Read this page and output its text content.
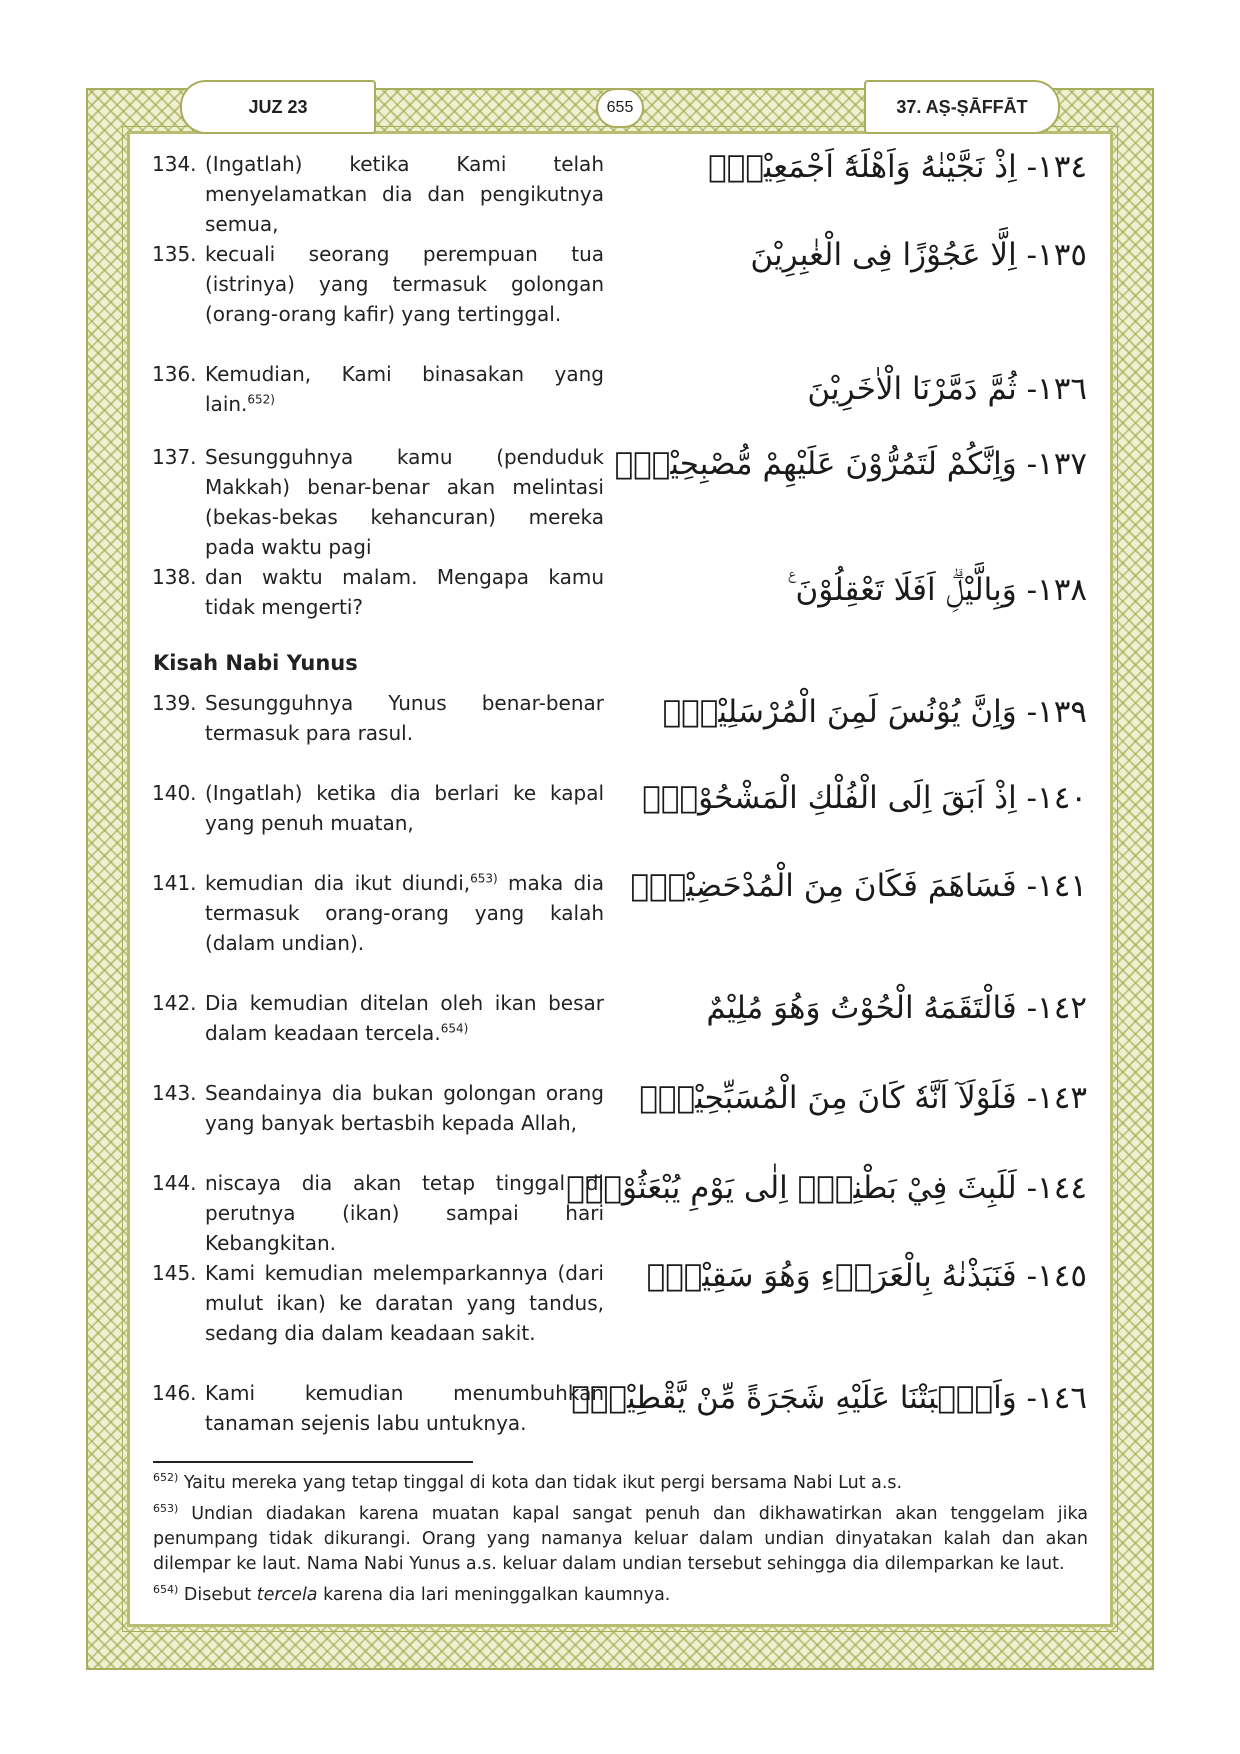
JUZ 23	655	37. AṢ-ṢĀFFĀT
134. (Ingatlah) ketika Kami telah menyelamatkan dia dan pengikutnya semua,
١٣٤- اِذْ نَجَّيْنٰهُ وَاَهْلَهٗٓ اَجْمَعِيْنَۙ
135. kecuali seorang perempuan tua (istrinya) yang termasuk golongan (orang-orang kafir) yang tertinggal.
١٣٥- اِلَّا عَجُوْزًا فِى الْغٰبِرِيْنَ
136. Kemudian, Kami binasakan yang lain.$^{652)}$	١٣٦- ثُمَّ دَمَّرْنَا الْاٰخَرِيْنَ
137. Sesungguhnya kamu (penduduk Makkah) benar-benar akan melintasi (bekas-bekas kehancuran) mereka pada waktu pagi
١٣٧- وَاِنَّكُمْ لَتَمُرُّوْنَ عَلَيْهِمْ مُّصْبِحِيْنَۙ
138. dan waktu malam. Mengapa kamu tidak mengerti?	١٣٨- وَبِالَّيْلِۗ اَفَلَا تَعْقِلُوْنَ ࣖ
Kisah Nabi Yunus
139. Sesungguhnya Yunus benar-benar termasuk para rasul.
١٣٩- وَاِنَّ يُوْنُسَ لَمِنَ الْمُرْسَلِيْنَۗ
140. (Ingatlah) ketika dia berlari ke kapal yang penuh muatan,
١٤٠- اِذْ اَبَقَ اِلَى الْفُلْكِ الْمَشْحُوْنِۙ
141. kemudian dia ikut diundi,$^{653)}$ maka dia termasuk orang-orang yang kalah (dalam undian).
١٤١- فَسَاهَمَ فَكَانَ مِنَ الْمُدْحَضِيْنَۚ
142. Dia kemudian ditelan oleh ikan besar dalam keadaan tercela.$^{654)}$
١٤٢- فَالْتَقَمَهُ الْحُوْتُ وَهُوَ مُلِيْمٌ
143. Seandainya dia bukan golongan orang yang banyak bertasbih kepada Allah,
١٤٣- فَلَوْلَآ اَنَّهٗ كَانَ مِنَ الْمُسَبِّحِيْنَۙ
144. niscaya dia akan tetap tinggal di perutnya (ikan) sampai hari Kebangkitan.
١٤٤- لَلَبِثَ فِيْ بَطْنِهٖٓ اِلٰى يَوْمِ يُبْعَثُوْنَۚ
145. Kami kemudian melemparkannya (dari mulut ikan) ke daratan yang tandus, sedang dia dalam keadaan sakit.
١٤٥- فَنَبَذْنٰهُ بِالْعَرَاۤءِ وَهُوَ سَقِيْمٌۚ
146. Kami kemudian menumbuhkan tanaman sejenis labu untuknya.
١٤٦- وَاَنْۢبَتْنَا عَلَيْهِ شَجَرَةً مِّنْ يَّقْطِيْنٍۚ
$^{652)}$ Yaitu mereka yang tetap tinggal di kota dan tidak ikut pergi bersama Nabi Lut a.s.
$^{653)}$ Undian diadakan karena muatan kapal sangat penuh dan dikhawatirkan akan tenggelam jika penumpang tidak dikurangi. Orang yang namanya keluar dalam undian dinyatakan kalah dan akan dilempar ke laut. Nama Nabi Yunus a.s. keluar dalam undian tersebut sehingga dia dilemparkan ke laut.
$^{654)}$ Disebut tercela karena dia lari meninggalkan kaumnya.
